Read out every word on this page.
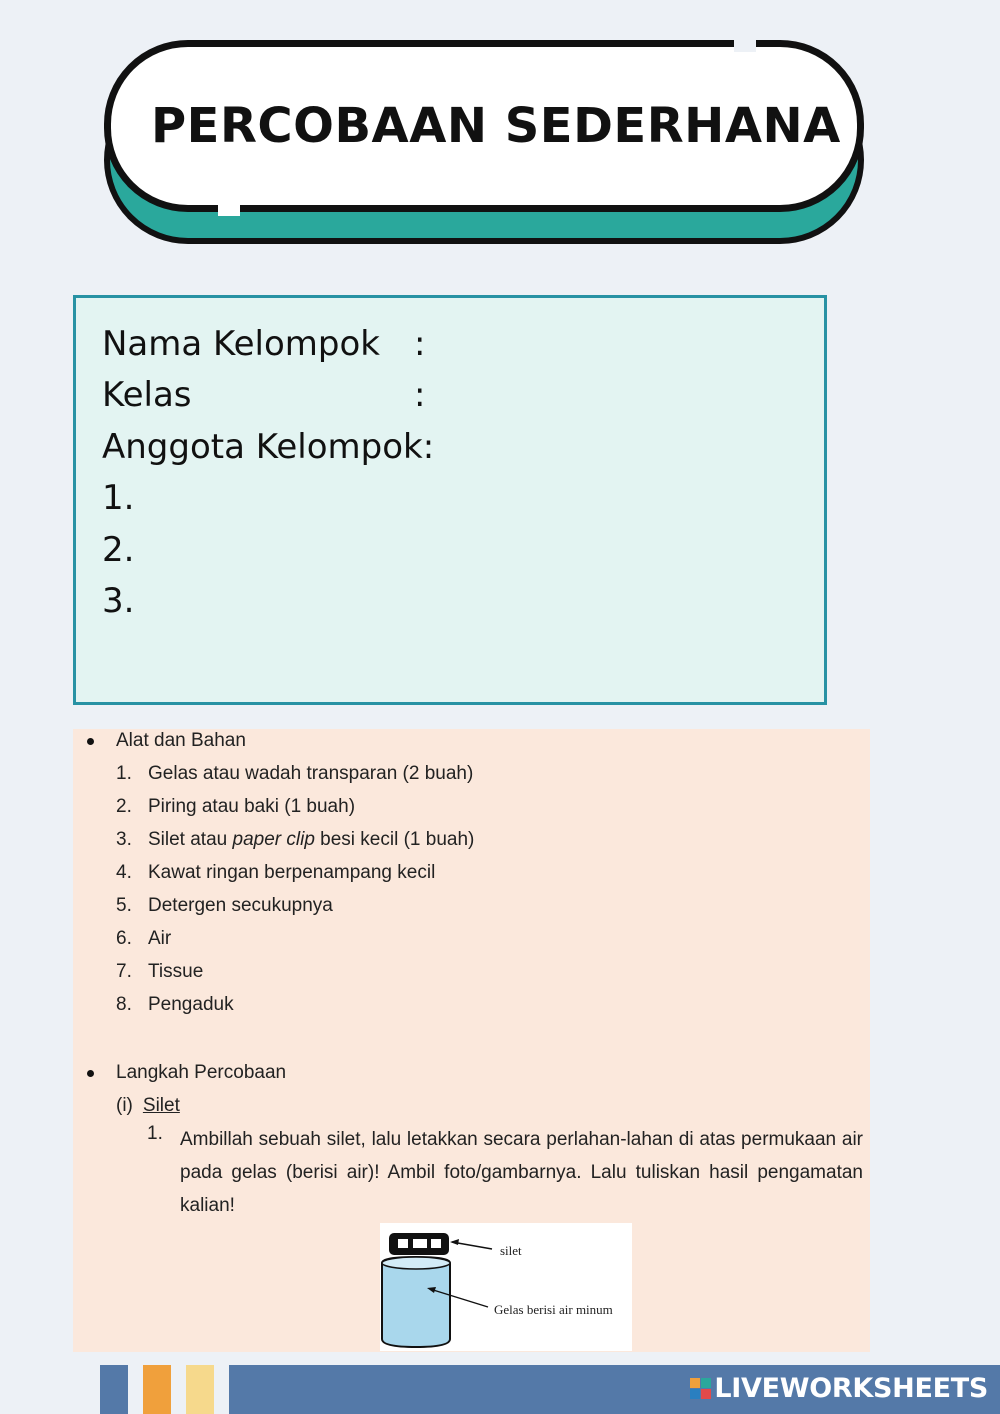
PERCOBAAN SEDERHANA
Nama Kelompok	:
Kelas	:
Anggota Kelompok:
1.
2.
3.
Alat dan Bahan
1. Gelas atau wadah transparan (2 buah)
2. Piring atau baki (1 buah)
3. Silet atau paper clip besi kecil (1 buah)
4. Kawat ringan berpenampang kecil
5. Detergen secukupnya
6. Air
7. Tissue
8. Pengaduk
Langkah Percobaan
(i) Silet
1. Ambillah sebuah silet, lalu letakkan secara perlahan-lahan di atas permukaan air pada gelas (berisi air)! Ambil foto/gambarnya. Lalu tuliskan hasil pengamatan kalian!
silet
Gelas berisi air minum
LIVEWORKSHEETS
